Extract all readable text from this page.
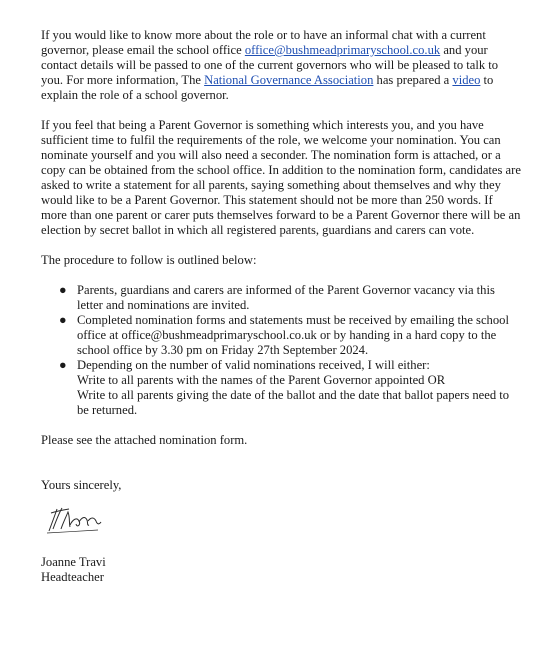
If you would like to know more about the role or to have an informal chat with a current governor, please email the school office office@bushmeadprimaryschool.co.uk and your contact details will be passed to one of the current governors who will be pleased to talk to you. For more information, The National Governance Association has prepared a video to explain the role of a school governor.

If you feel that being a Parent Governor is something which interests you, and you have sufficient time to fulfil the requirements of the role, we welcome your nomination. You can nominate yourself and you will also need a seconder. The nomination form is attached, or a copy can be obtained from the school office. In addition to the nomination form, candidates are asked to write a statement for all parents, saying something about themselves and why they would like to be a Parent Governor. This statement should not be more than 250 words. If more than one parent or carer puts themselves forward to be a Parent Governor there will be an election by secret ballot in which all registered parents, guardians and carers can vote.

The procedure to follow is outlined below:

● Parents, guardians and carers are informed of the Parent Governor vacancy via this letter and nominations are invited.
● Completed nomination forms and statements must be received by emailing the school office at office@bushmeadprimaryschool.co.uk or by handing in a hard copy to the school office by 3.30 pm on Friday 27th September 2024.
● Depending on the number of valid nominations received, I will either:
Write to all parents with the names of the Parent Governor appointed OR
Write to all parents giving the date of the ballot and the date that ballot papers need to be returned.

Please see the attached nomination form.

Yours sincerely,

Joanne Travi

Headteacher
